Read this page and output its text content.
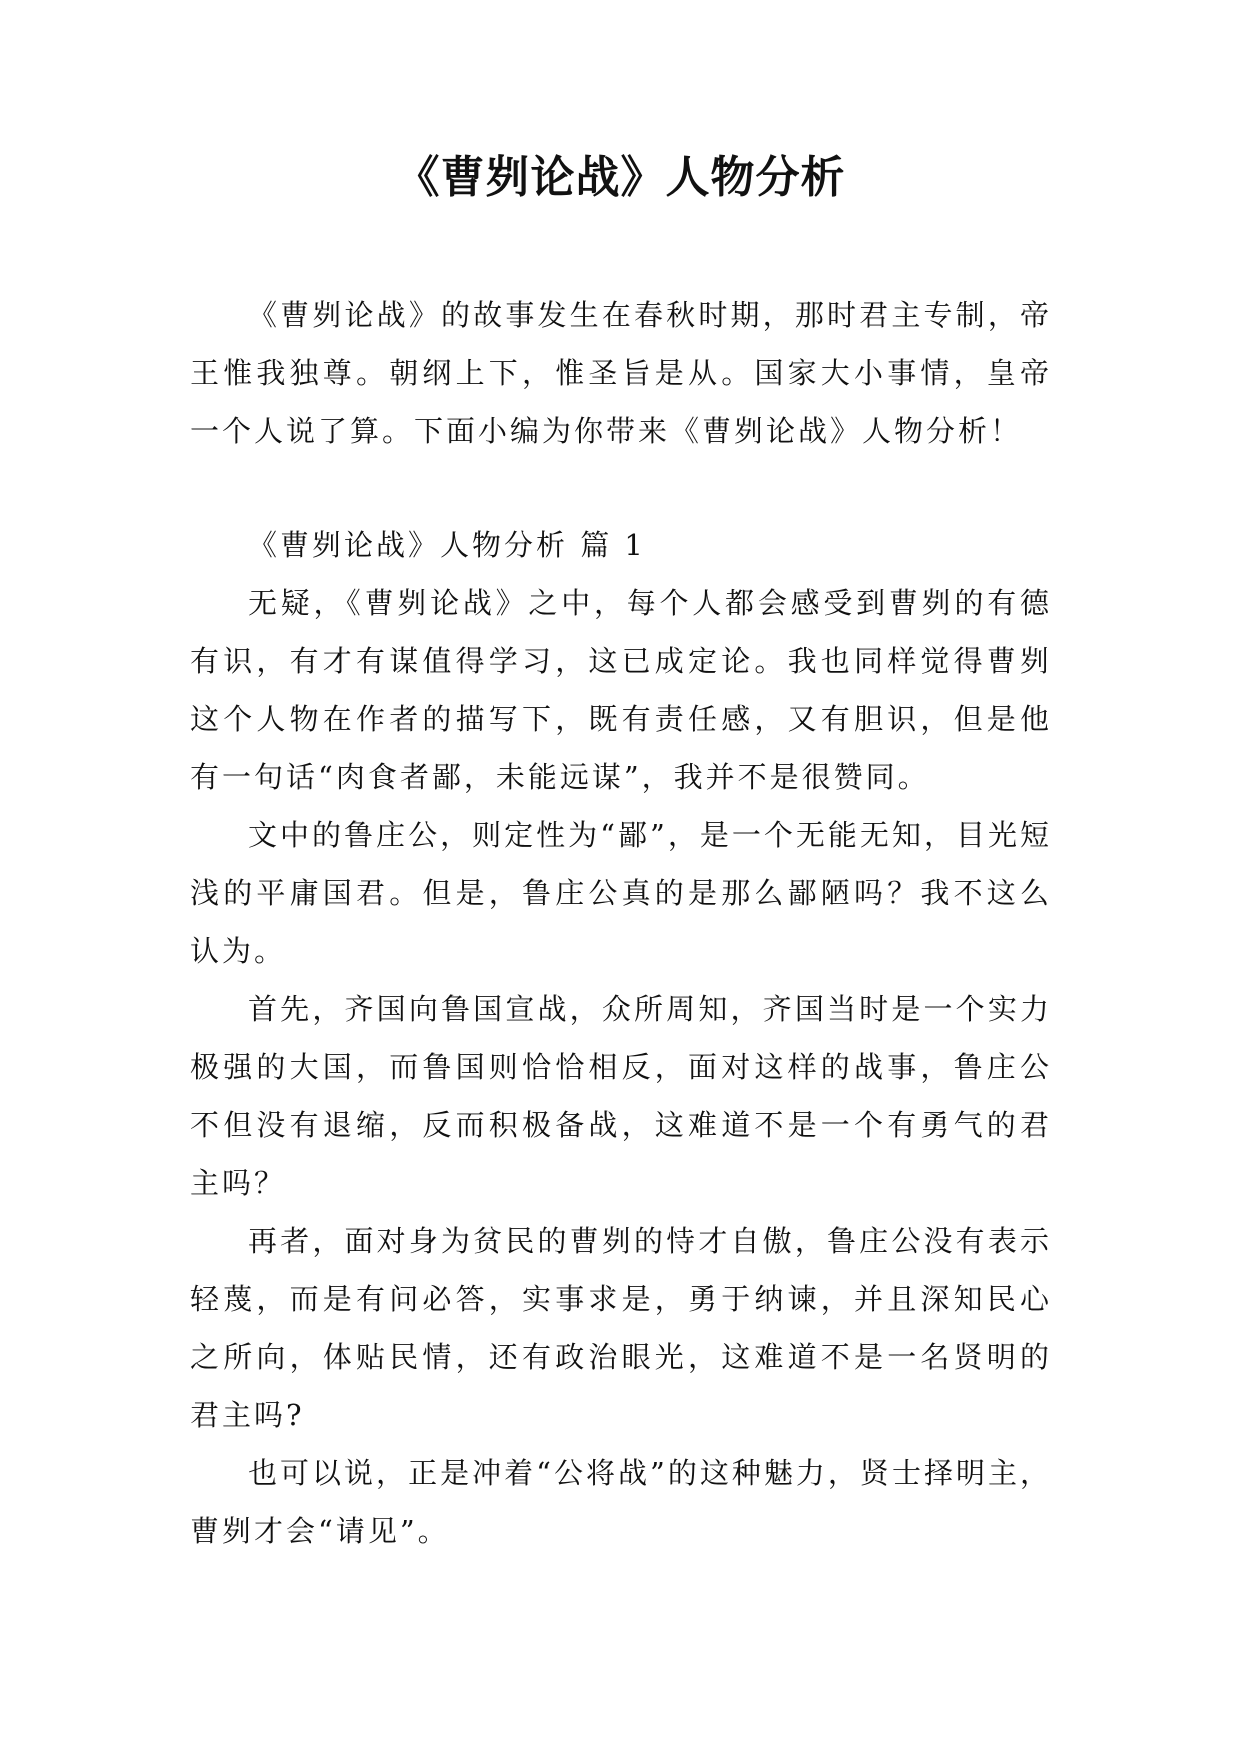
《曹刿论战》人物分析

《曹刿论战》的故事发生在春秋时期，那时君主专制，帝王惟我独尊。朝纲上下，惟圣旨是从。国家大小事情，皇帝一个人说了算。下面小编为你带来《曹刿论战》人物分析！

《曹刿论战》人物分析 篇 1

无疑，《曹刿论战》之中，每个人都会感受到曹刿的有德有识，有才有谋值得学习，这已成定论。我也同样觉得曹刿这个人物在作者的描写下，既有责任感，又有胆识，但是他有一句话“肉食者鄙，未能远谋”，我并不是很赞同。

文中的鲁庄公，则定性为“鄙”，是一个无能无知，目光短浅的平庸国君。但是，鲁庄公真的是那么鄙陋吗？我不这么认为。

首先，齐国向鲁国宣战，众所周知，齐国当时是一个实力极强的大国，而鲁国则恰恰相反，面对这样的战事，鲁庄公不但没有退缩，反而积极备战，这难道不是一个有勇气的君主吗？

再者，面对身为贫民的曹刿的恃才自傲，鲁庄公没有表示轻蔑，而是有问必答，实事求是，勇于纳谏，并且深知民心之所向，体贴民情，还有政治眼光，这难道不是一名贤明的君主吗?

也可以说，正是冲着“公将战”的这种魅力，贤士择明主，曹刿才会“请见”。
